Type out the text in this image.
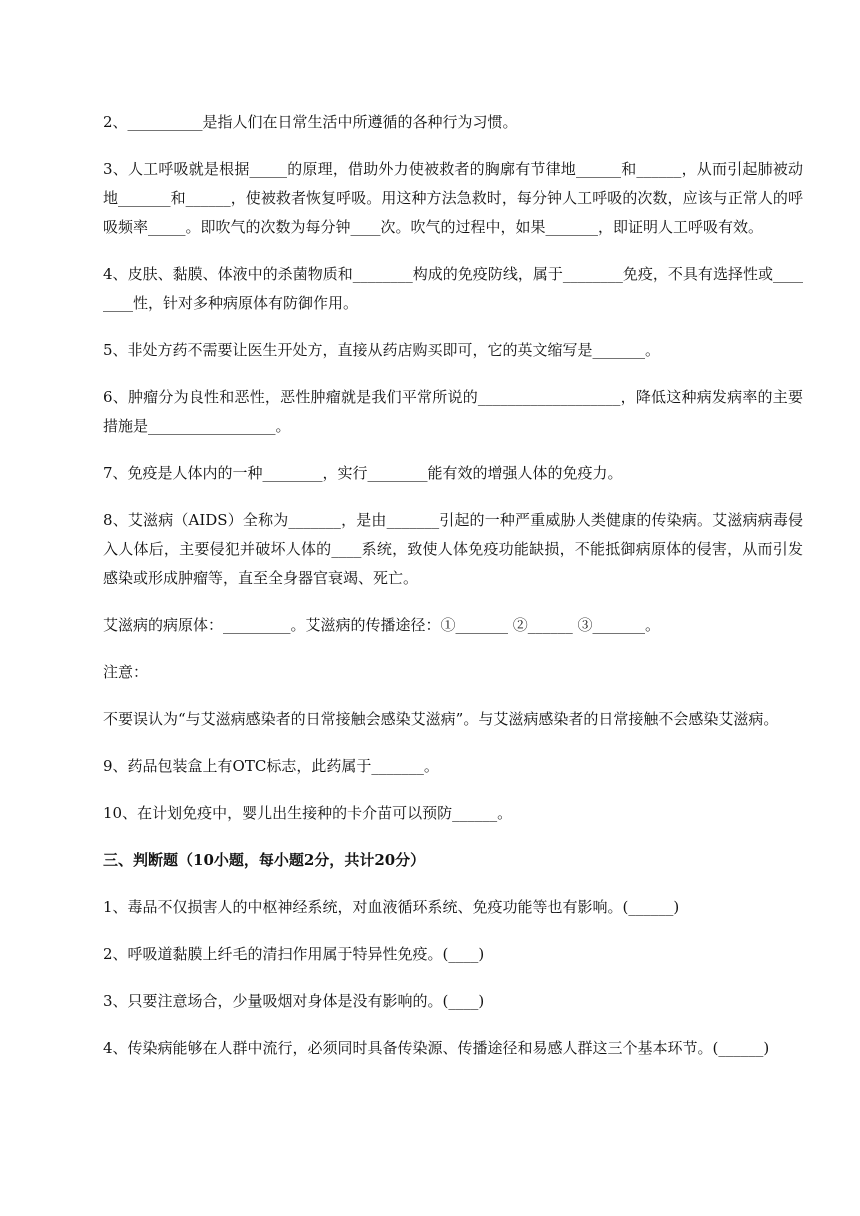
2、__________是指人们在日常生活中所遵循的各种行为习惯。

3、人工呼吸就是根据_____的原理，借助外力使被救者的胸廓有节律地______和______，从而引起肺被动地_______和______，使被救者恢复呼吸。用这种方法急救时，每分钟人工呼吸的次数，应该与正常人的呼吸频率_____。即吹气的次数为每分钟____次。吹气的过程中，如果_______，即证明人工呼吸有效。

4、皮肤、黏膜、体液中的杀菌物质和________构成的免疫防线，属于________免疫，不具有选择性或________性，针对多种病原体有防御作用。

5、非处方药不需要让医生开处方，直接从药店购买即可，它的英文缩写是_______。

6、肿瘤分为良性和恶性，恶性肿瘤就是我们平常所说的___________________，降低这种病发病率的主要措施是_________________。

7、免疫是人体内的一种________，实行________能有效的增强人体的免疫力。

8、艾滋病（AIDS）全称为_______，是由_______引起的一种严重威胁人类健康的传染病。艾滋病病毒侵入人体后，主要侵犯并破坏人体的____系统，致使人体免疫功能缺损，不能抵御病原体的侵害，从而引发感染或形成肿瘤等，直至全身器官衰竭、死亡。

艾滋病的病原体：_________。艾滋病的传播途径：①_______ ②______ ③_______。

注意：

不要误认为“与艾滋病感染者的日常接触会感染艾滋病”。与艾滋病感染者的日常接触不会感染艾滋病。

9、药品包装盒上有OTC标志，此药属于_______。

10、在计划免疫中，婴儿出生接种的卡介苗可以预防______。

三、判断题（10小题，每小题2分，共计20分）

1、毒品不仅损害人的中枢神经系统，对血液循环系统、免疫功能等也有影响。(______)

2、呼吸道黏膜上纤毛的清扫作用属于特异性免疫。(____)

3、只要注意场合，少量吸烟对身体是没有影响的。(____)

4、传染病能够在人群中流行，必须同时具备传染源、传播途径和易感人群这三个基本环节。(______)
